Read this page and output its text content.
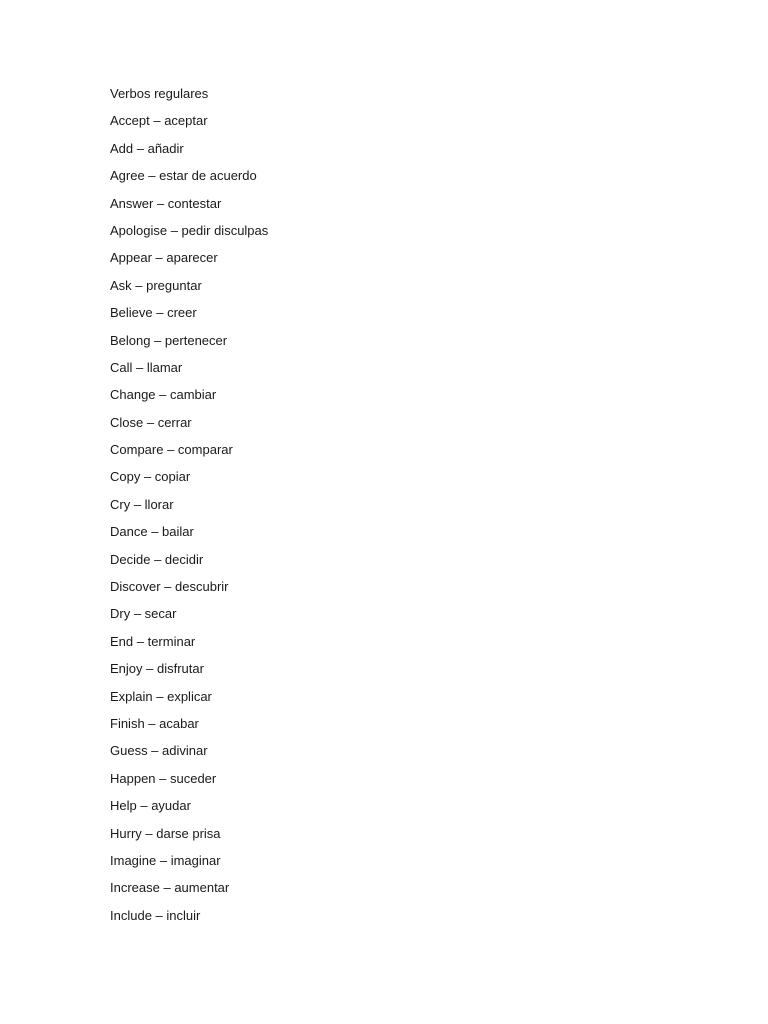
Verbos regulares
Accept – aceptar
Add – añadir
Agree – estar de acuerdo
Answer – contestar
Apologise – pedir disculpas
Appear – aparecer
Ask – preguntar
Believe – creer
Belong – pertenecer
Call – llamar
Change – cambiar
Close – cerrar
Compare – comparar
Copy – copiar
Cry – llorar
Dance – bailar
Decide – decidir
Discover – descubrir
Dry – secar
End – terminar
Enjoy – disfrutar
Explain – explicar
Finish – acabar
Guess – adivinar
Happen – suceder
Help – ayudar
Hurry – darse prisa
Imagine – imaginar
Increase – aumentar
Include – incluir
